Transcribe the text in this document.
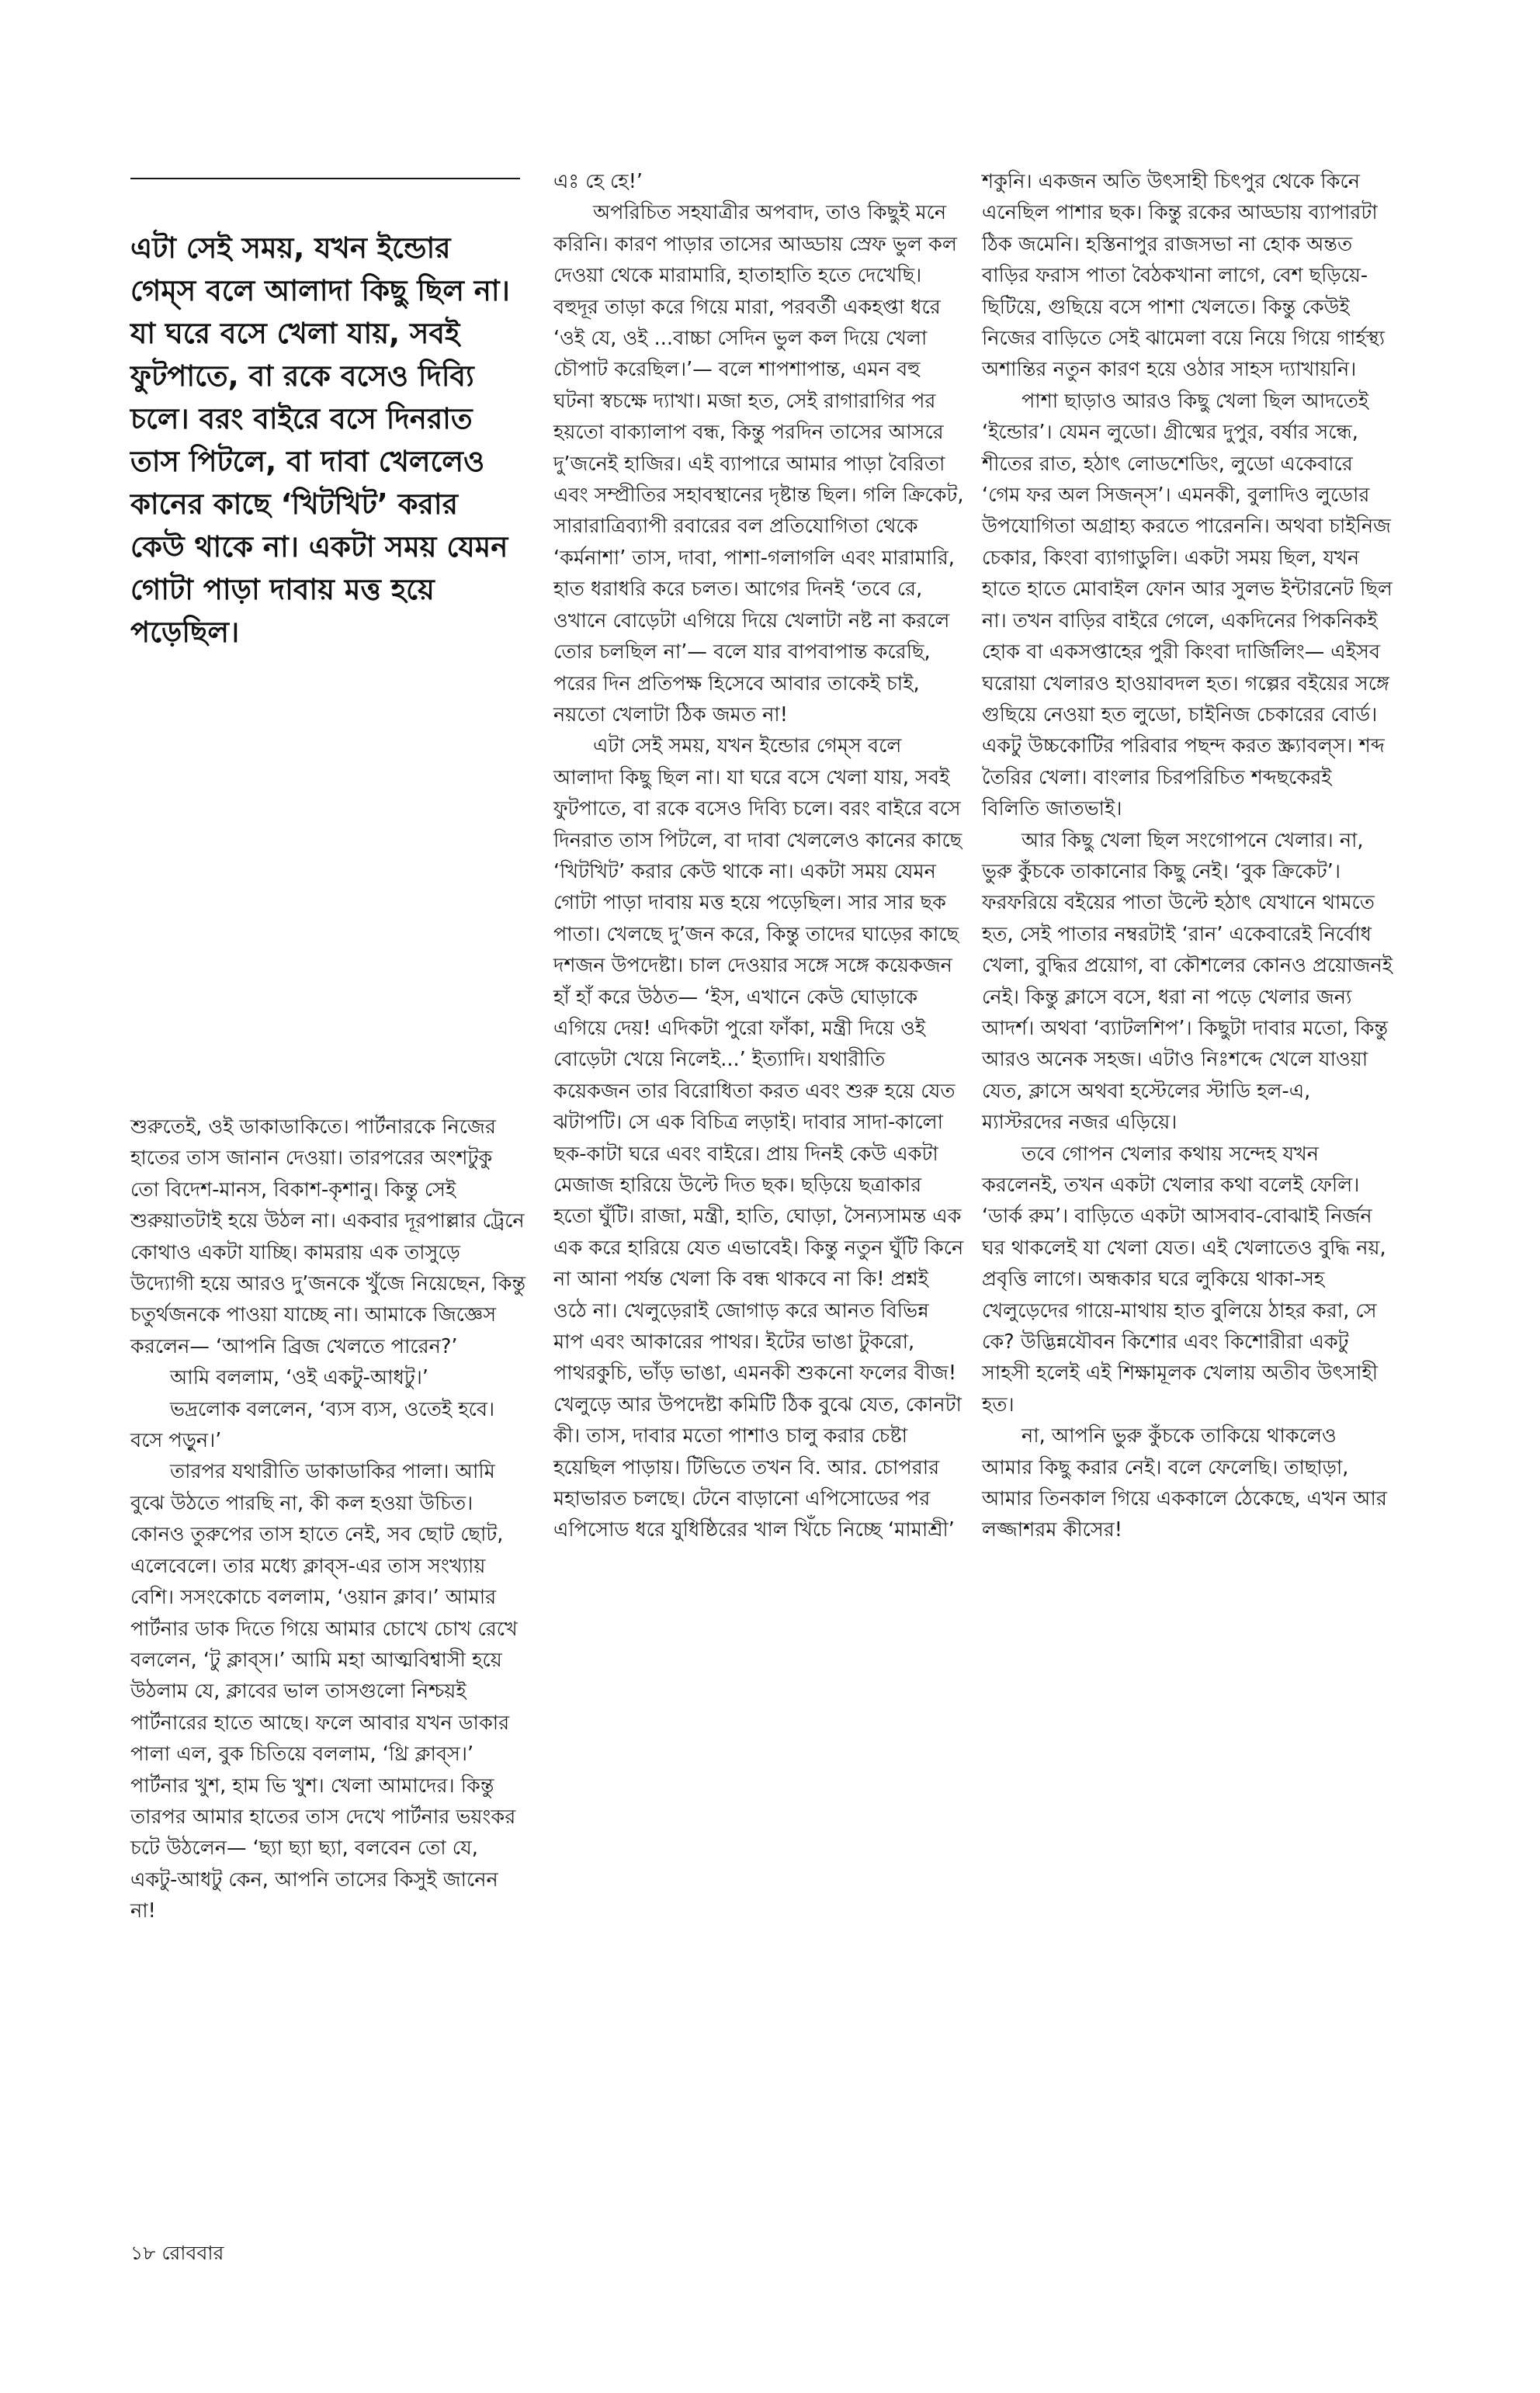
এটা সেই সময়, যখন ইন্ডোর গেম্‌স বলে আলাদা কিছু ছিল না। যা ঘরে বসে খেলা যায়, সবই ফুটপাতে, বা রকে বসেও দিব্যি চলে। বরং বাইরে বসে দিনরাত তাস পিটলে, বা দাবা খেললেও কানের কাছে ‘খিটখিট’ করার কেউ থাকে না। একটা সময় যেমন গোটা পাড়া দাবায় মত্ত হয়ে পড়েছিল।

শুরুতেই, ওই ডাকাডাকিতে। পার্টনারকে নিজের হাতের তাস জানান দেওয়া। তারপরের অংশটুকু তো বিদেশ-মানস, বিকাশ-কৃশানু। কিন্তু সেই শুরুয়াতটাই হয়ে উঠল না। একবার দূরপাল্লার ট্রেনে কোথাও একটা যাচ্ছি। কামরায় এক তাসুড়ে উদ্যোগী হয়ে আরও দু’জনকে খুঁজে নিয়েছেন, কিন্তু চতুর্থজনকে পাওয়া যাচ্ছে না। আমাকে জিজ্ঞেস করলেন— ‘আপনি ব্রিজ খেলতে পারেন?’

আমি বললাম, ‘ওই একটু-আধটু।’

ভদ্রলোক বললেন, ‘ব্যস ব্যস, ওতেই হবে। বসে পড়ুন।’

তারপর যথারীতি ডাকাডাকির পালা। আমি বুঝে উঠতে পারছি না, কী কল হওয়া উচিত। কোনও তুরুপের তাস হাতে নেই, সব ছোট ছোট, এলেবেলে। তার মধ্যে ক্লাব্‌স-এর তাস সংখ্যায় বেশি। সসংকোচে বললাম, ‘ওয়ান ক্লাব।’ আমার পার্টনার ডাক দিতে গিয়ে আমার চোখে চোখ রেখে বললেন, ‘টু ক্লাব্‌স।’ আমি মহা আত্মবিশ্বাসী হয়ে উঠলাম যে, ক্লাবের ভাল তাসগুলো নিশ্চয়ই পার্টনারের হাতে আছে। ফলে আবার যখন ডাকার পালা এল, বুক চিতিয়ে বললাম, ‘থ্রি ক্লাব্‌স।’ পার্টনার খুশ, হাম ভি খুশ। খেলা আমাদের। কিন্তু তারপর আমার হাতের তাস দেখে পার্টনার ভয়ংকর চটে উঠলেন— ‘ছ্যা ছ্যা ছ্যা, বলবেন তো যে, একটু-আধটু কেন, আপনি তাসের কিসুই জানেন না!

এঃ হে হে!’

অপরিচিত সহযাত্রীর অপবাদ, তাও কিছুই মনে করিনি। কারণ পাড়ার তাসের আড্ডায় স্রেফ ভুল কল দেওয়া থেকে মারামারি, হাতাহাতি হতে দেখেছি। বহুদূর তাড়া করে গিয়ে মারা, পরবর্তী একহপ্তা ধরে ‘ওই যে, ওই ...বাচ্চা সেদিন ভুল কল দিয়ে খেলা চৌপাট করেছিল।’— বলে শাপশাপান্ত, এমন বহু ঘটনা স্বচক্ষে দ্যাখা। মজা হত, সেই রাগারাগির পর হয়তো বাক্যালাপ বন্ধ, কিন্তু পরদিন তাসের আসরে দু’জনেই হাজির। এই ব্যাপারে আমার পাড়া বৈরিতা এবং সম্প্রীতির সহাবস্থানের দৃষ্টান্ত ছিল। গলি ক্রিকেট, সারারাত্রিব্যাপী রবারের বল প্রতিযোগিতা থেকে ‘কর্মনাশা’ তাস, দাবা, পাশা-গলাগলি এবং মারামারি, হাত ধরাধরি করে চলত। আগের দিনই ‘তবে রে, ওখানে বোড়েটা এগিয়ে দিয়ে খেলাটা নষ্ট না করলে তোর চলছিল না’— বলে যার বাপবাপান্ত করেছি, পরের দিন প্রতিপক্ষ হিসেবে আবার তাকেই চাই, নয়তো খেলাটা ঠিক জমত না!

এটা সেই সময়, যখন ইন্ডোর গেম্‌স বলে আলাদা কিছু ছিল না। যা ঘরে বসে খেলা যায়, সবই ফুটপাতে, বা রকে বসেও দিব্যি চলে। বরং বাইরে বসে দিনরাত তাস পিটলে, বা দাবা খেললেও কানের কাছে ‘খিটখিট’ করার কেউ থাকে না। একটা সময় যেমন গোটা পাড়া দাবায় মত্ত হয়ে পড়েছিল। সার সার ছক পাতা। খেলছে দু’জন করে, কিন্তু তাদের ঘাড়ের কাছে দশজন উপদেষ্টা। চাল দেওয়ার সঙ্গে সঙ্গে কয়েকজন হাঁ হাঁ করে উঠত— ‘ইস, এখানে কেউ ঘোড়াকে এগিয়ে দেয়! এদিকটা পুরো ফাঁকা, মন্ত্রী দিয়ে ওই বোড়েটা খেয়ে নিলেই...’ ইত্যাদি। যথারীতি কয়েকজন তার বিরোধিতা করত এবং শুরু হয়ে যেত ঝটাপটি। সে এক বিচিত্র লড়াই। দাবার সাদা-কালো ছক-কাটা ঘরে এবং বাইরে। প্রায় দিনই কেউ একটা মেজাজ হারিয়ে উল্টে দিত ছক। ছড়িয়ে ছত্রাকার হতো ঘুঁটি। রাজা, মন্ত্রী, হাতি, ঘোড়া, সৈন্যসামন্ত এক এক করে হারিয়ে যেত এভাবেই। কিন্তু নতুন ঘুঁটি কিনে না আনা পর্যন্ত খেলা কি বন্ধ থাকবে না কি! প্রশ্নই ওঠে না। খেলুড়েরাই জোগাড় করে আনত বিভিন্ন মাপ এবং আকারের পাথর। ইটের ভাঙা টুকরো, পাথরকুচি, ভাঁড় ভাঙা, এমনকী শুকনো ফলের বীজ! খেলুড়ে আর উপদেষ্টা কমিটি ঠিক বুঝে যেত, কোনটা কী। তাস, দাবার মতো পাশাও চালু করার চেষ্টা হয়েছিল পাড়ায়। টিভিতে তখন বি. আর. চোপরার মহাভারত চলছে। টেনে বাড়ানো এপিসোডের পর এপিসোড ধরে যুধিষ্ঠিরের খাল খিঁচে নিচ্ছে ‘মামাশ্রী’

শকুনি। একজন অতি উৎসাহী চিৎপুর থেকে কিনে এনেছিল পাশার ছক। কিন্তু রকের আড্ডায় ব্যাপারটা ঠিক জমেনি। হস্তিনাপুর রাজসভা না হোক অন্তত বাড়ির ফরাস পাতা বৈঠকখানা লাগে, বেশ ছড়িয়ে-ছিটিয়ে, গুছিয়ে বসে পাশা খেলতে। কিন্তু কেউই নিজের বাড়িতে সেই ঝামেলা বয়ে নিয়ে গিয়ে গার্হস্থ্য অশান্তির নতুন কারণ হয়ে ওঠার সাহস দ্যাখায়নি।

পাশা ছাড়াও আরও কিছু খেলা ছিল আদতেই ‘ইন্ডোর’। যেমন লুডো। গ্রীষ্মের দুপুর, বর্ষার সন্ধে, শীতের রাত, হঠাৎ লোডশেডিং, লুডো একেবারে ‘গেম ফর অল সিজন্‌স’। এমনকী, বুলাদিও লুডোর উপযোগিতা অগ্রাহ্য করতে পারেননি। অথবা চাইনিজ চেকার, কিংবা ব্যাগাডুলি। একটা সময় ছিল, যখন হাতে হাতে মোবাইল ফোন আর সুলভ ইন্টারনেট ছিল না। তখন বাড়ির বাইরে গেলে, একদিনের পিকনিকই হোক বা একসপ্তাহের পুরী কিংবা দার্জিলিং— এইসব ঘরোয়া খেলারও হাওয়াবদল হত। গল্পের বইয়ের সঙ্গে গুছিয়ে নেওয়া হত লুডো, চাইনিজ চেকারের বোর্ড। একটু উচ্চকোটির পরিবার পছন্দ করত স্ক্র্যাবল্‌স। শব্দ তৈরির খেলা। বাংলার চিরপরিচিত শব্দছকেরই বিলিতি জাতভাই।

আর কিছু খেলা ছিল সংগোপনে খেলার। না, ভুরু কুঁচকে তাকানোর কিছু নেই। ‘বুক ক্রিকেট’। ফরফরিয়ে বইয়ের পাতা উল্টে হঠাৎ যেখানে থামতে হত, সেই পাতার নম্বরটাই ‘রান’ একেবারেই নির্বোধ খেলা, বুদ্ধির প্রয়োগ, বা কৌশলের কোনও প্রয়োজনই নেই। কিন্তু ক্লাসে বসে, ধরা না পড়ে খেলার জন্য আদর্শ। অথবা ‘ব্যাটলশিপ’। কিছুটা দাবার মতো, কিন্তু আরও অনেক সহজ। এটাও নিঃশব্দে খেলে যাওয়া যেত, ক্লাসে অথবা হস্টেলের স্টাডি হল-এ, ম্যাস্টরদের নজর এড়িয়ে।

তবে গোপন খেলার কথায় সন্দেহ যখন করলেনই, তখন একটা খেলার কথা বলেই ফেলি। ‘ডার্ক রুম’। বাড়িতে একটা আসবাব-বোঝাই নির্জন ঘর থাকলেই যা খেলা যেত। এই খেলাতেও বুদ্ধি নয়, প্রবৃত্তি লাগে। অন্ধকার ঘরে লুকিয়ে থাকা-সহ খেলুড়েদের গায়ে-মাথায় হাত বুলিয়ে ঠাহর করা, সে কে? উদ্ভিন্নযৌবন কিশোর এবং কিশোরীরা একটু সাহসী হলেই এই শিক্ষামূলক খেলায় অতীব উৎসাহী হত।

না, আপনি ভুরু কুঁচকে তাকিয়ে থাকলেও আমার কিছু করার নেই। বলে ফেলেছি। তাছাড়া, আমার তিনকাল গিয়ে এককালে ঠেকেছে, এখন আর লজ্জাশরম কীসের!

১৮ রোববার
